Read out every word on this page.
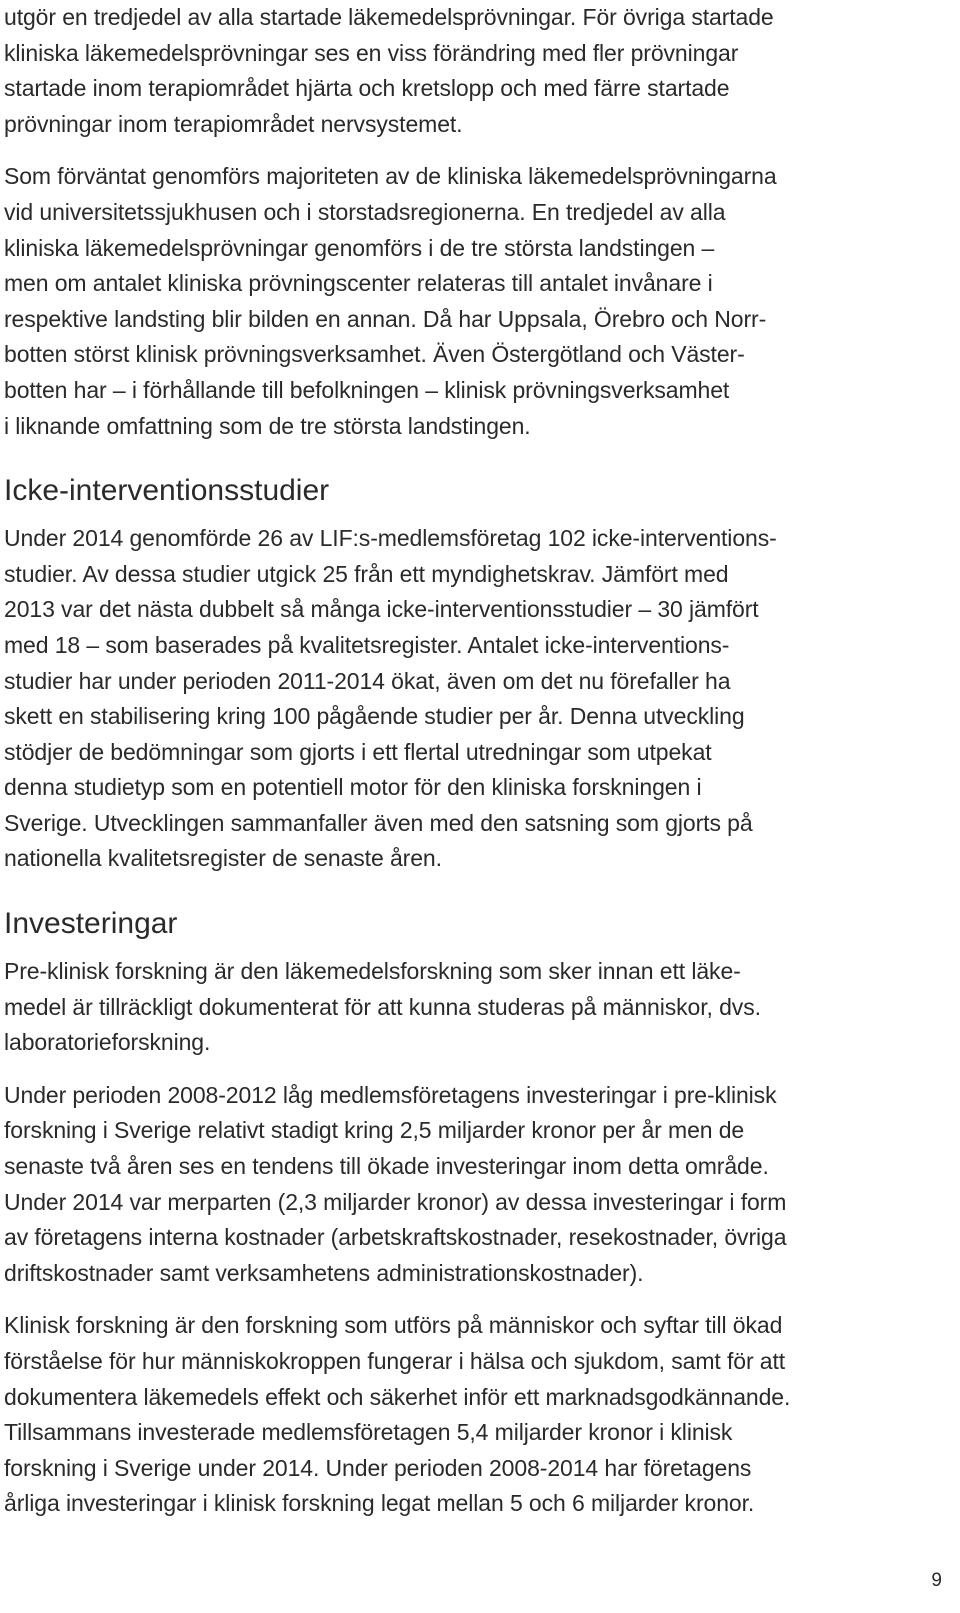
utgör en tredjedel av alla startade läkemedelsprövningar. För övriga startade
kliniska läkemedelsprövningar ses en viss förändring med fler prövningar
startade inom terapiområdet hjärta och kretslopp och med färre startade
prövningar inom terapiområdet nervsystemet.

Som förväntat genomförs majoriteten av de kliniska läkemedelsprövningarna
vid universitetssjukhusen och i storstadsregionerna. En tredjedel av alla
kliniska läkemedelsprövningar genomförs i de tre största landstingen –
men om antalet kliniska prövningscenter relateras till antalet invånare i
respektive landsting blir bilden en annan. Då har Uppsala, Örebro och Norr-
botten störst klinisk prövningsverksamhet. Även Östergötland och Väster-
botten har – i förhållande till befolkningen – klinisk prövningsverksamhet
i liknande omfattning som de tre största landstingen.

Icke-interventionsstudier

Under 2014 genomförde 26 av LIF:s-medlemsföretag 102 icke-interventions-
studier. Av dessa studier utgick 25 från ett myndighetskrav. Jämfört med
2013 var det nästa dubbelt så många icke-interventionsstudier – 30 jämfört
med 18 – som baserades på kvalitetsregister. Antalet icke-interventions-
studier har under perioden 2011-2014 ökat, även om det nu förefaller ha
skett en stabilisering kring 100 pågående studier per år. Denna utveckling
stödjer de bedömningar som gjorts i ett flertal utredningar som utpekat
denna studietyp som en potentiell motor för den kliniska forskningen i
Sverige. Utvecklingen sammanfaller även med den satsning som gjorts på
nationella kvalitetsregister de senaste åren.

Investeringar

Pre-klinisk forskning är den läkemedelsforskning som sker innan ett läke-
medel är tillräckligt dokumenterat för att kunna studeras på människor, dvs.
laboratorieforskning.

Under perioden 2008-2012 låg medlemsföretagens investeringar i pre-klinisk
forskning i Sverige relativt stadigt kring 2,5 miljarder kronor per år men de
senaste två åren ses en tendens till ökade investeringar inom detta område.
Under 2014 var merparten (2,3 miljarder kronor) av dessa investeringar i form
av företagens interna kostnader (arbetskraftskostnader, resekostnader, övriga
driftskostnader samt verksamhetens administrationskostnader).

Klinisk forskning är den forskning som utförs på människor och syftar till ökad
förståelse för hur människokroppen fungerar i hälsa och sjukdom, samt för att
dokumentera läkemedels effekt och säkerhet inför ett marknadsgodkännande.
Tillsammans investerade medlemsföretagen 5,4 miljarder kronor i klinisk
forskning i Sverige under 2014. Under perioden 2008-2014 har företagens
årliga investeringar i klinisk forskning legat mellan 5 och 6 miljarder kronor.

9
